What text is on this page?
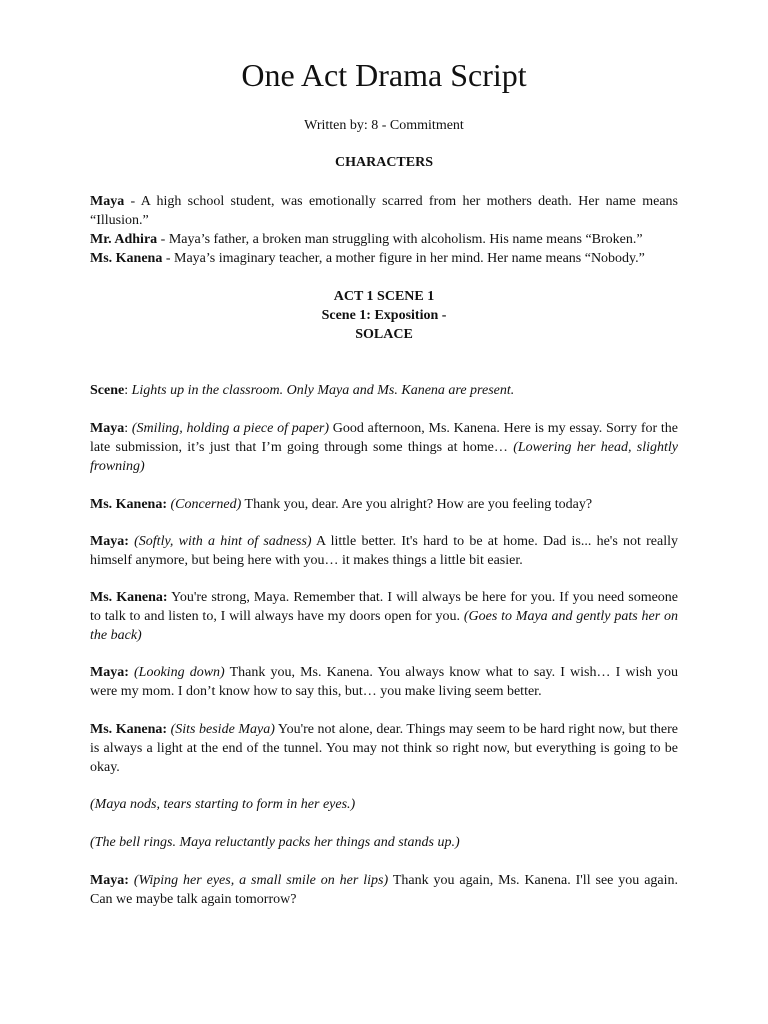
One Act Drama Script
Written by: 8 - Commitment
CHARACTERS
Maya - A high school student, was emotionally scarred from her mothers death. Her name means “Illusion.”
Mr. Adhira - Maya’s father, a broken man struggling with alcoholism. His name means “Broken.”
Ms. Kanena - Maya’s imaginary teacher, a mother figure in her mind. Her name means “Nobody.”
ACT 1 SCENE 1
Scene 1: Exposition -
SOLACE
Scene: Lights up in the classroom. Only Maya and Ms. Kanena are present.
Maya: (Smiling, holding a piece of paper) Good afternoon, Ms. Kanena. Here is my essay. Sorry for the late submission, it’s just that I’m going through some things at home… (Lowering her head, slightly frowning)
Ms. Kanena: (Concerned) Thank you, dear. Are you alright? How are you feeling today?
Maya: (Softly, with a hint of sadness) A little better. It's hard to be at home. Dad is... he's not really himself anymore, but being here with you… it makes things a little bit easier.
Ms. Kanena: You're strong, Maya. Remember that. I will always be here for you. If you need someone to talk to and listen to, I will always have my doors open for you. (Goes to Maya and gently pats her on the back)
Maya: (Looking down) Thank you, Ms. Kanena. You always know what to say. I wish… I wish you were my mom. I don’t know how to say this, but… you make living seem better.
Ms. Kanena: (Sits beside Maya) You're not alone, dear. Things may seem to be hard right now, but there is always a light at the end of the tunnel. You may not think so right now, but everything is going to be okay.
(Maya nods, tears starting to form in her eyes.)
(The bell rings. Maya reluctantly packs her things and stands up.)
Maya: (Wiping her eyes, a small smile on her lips) Thank you again, Ms. Kanena. I'll see you again. Can we maybe talk again tomorrow?
